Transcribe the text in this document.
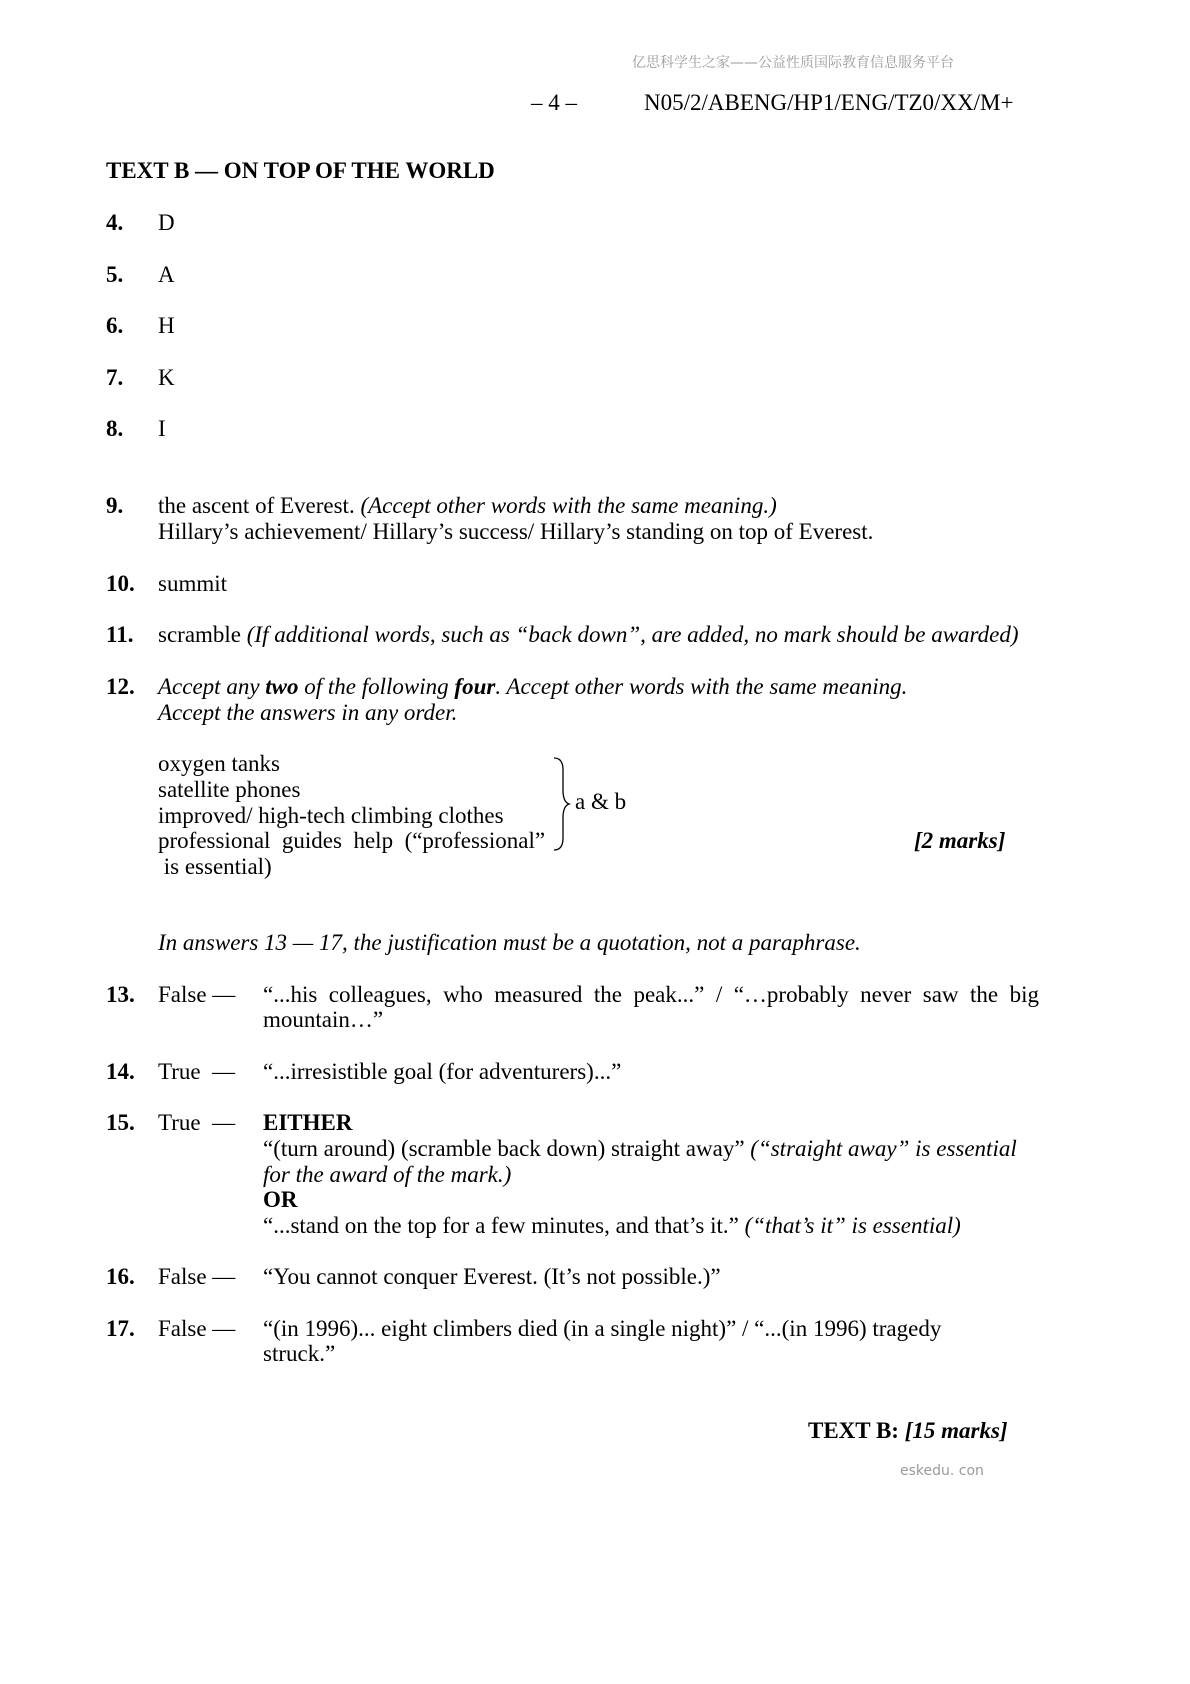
亿思科学生之家——公益性质国际教育信息服务平台
– 4 –	N05/2/ABENG/HP1/ENG/TZ0/XX/M+
TEXT B — ON TOP OF THE WORLD
4. D
5. A
6. H
7. K
8. I
9. the ascent of Everest. (Accept other words with the same meaning.)
Hillary’s achievement/ Hillary’s success/ Hillary’s standing on top of Everest.
10. summit
11. scramble (If additional words, such as “back down”, are added, no mark should be awarded)
12. Accept any two of the following four. Accept other words with the same meaning.
Accept the answers in any order.
oxygen tanks
satellite phones
improved/ high-tech climbing clothes
professional  guides  help  (“professional”
is essential)
a & b
[2 marks]
In answers 13 — 17, the justification must be a quotation, not a paraphrase.
13. False — “...his  colleagues,  who  measured  the  peak...”  /  “…probably  never  saw  the  big
mountain…”
14. True  — “...irresistible goal (for adventurers)...”
15. True  — EITHER
“(turn around) (scramble back down) straight away” (“straight away” is essential
for the award of the mark.)
OR
“...stand on the top for a few minutes, and that’s it.” (“that’s it” is essential)
16. False — “You cannot conquer Everest. (It’s not possible.)”
17. False — “(in 1996)... eight climbers died (in a single night)” / “...(in 1996) tragedy
struck.”
TEXT B: [15 marks]
eskedu. con
